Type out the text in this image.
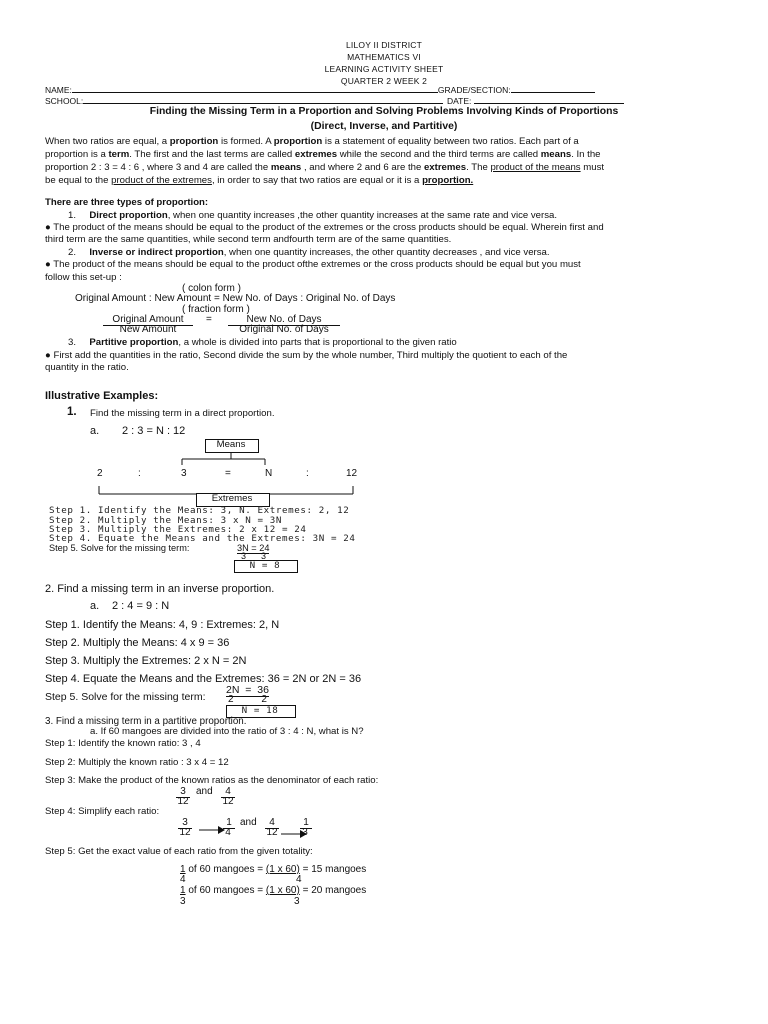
LILOY II DISTRICT
MATHEMATICS VI
LEARNING ACTIVITY SHEET
QUARTER 2 WEEK 2
NAME:	GRADE/SECTION:
SCHOOL:	DATE:
Finding the Missing Term in a Proportion and Solving Problems Involving Kinds of Proportions
(Direct, Inverse, and Partitive)
When two ratios are equal, a proportion is formed. A proportion is a statement of equality between two ratios. Each part of a
proportion is a term. The first and the last terms are called extremes while the second and the third terms are called means. In the
proportion 2 : 3 = 4 : 6 , where 3 and 4 are called the means , and where 2 and 6 are the extremes. The product of the means must
be equal to the product of the extremes, in order to say that two ratios are equal or it is a proportion.
There are three types of proportion:
1. Direct proportion, when one quantity increases ,the other quantity increases at the same rate and vice versa.
● The product of the means should be equal to the product of the extremes or the cross products should be equal. Wherein first and
third term are the same quantities, while second term andfourth term are of the same quantities.
2. Inverse or indirect proportion, when one quantity increases, the other quantity decreases , and vice versa.
● The product of the means should be equal to the product ofthe extremes or the cross products should be equal but you must
follow this set-up :
( colon form )
Original Amount : New Amount = New No. of Days : Original No. of Days
( fraction form )
Original Amount
New Amount
=	New No. of Days
Original No. of Days
3. Partitive proportion, a whole is divided into parts that is proportional to the given ratio
● First add the quantities in the ratio, Second divide the sum by the whole number, Third multiply the quotient to each of the
quantity in the ratio.
Illustrative Examples:
1. Find the missing term in a direct proportion.
a. 2 : 3 = N : 12
Means
2	:	3	=	N	:	12
Extremes
Step 1. Identify the Means: 3, N. Extremes: 2, 12
Step 2. Multiply the Means: 3 x N = 3N
Step 3. Multiply the Extremes: 2 x 12 = 24
Step 4. Equate the Means and the Extremes: 3N = 24
Step 5. Solve for the missing term:	3N = 24
3      3
N = 8
2. Find a missing term in an inverse proportion.
a. 2 : 4 = 9 : N
Step 1. Identify the Means: 4, 9 : Extremes: 2, N
Step 2. Multiply the Means: 4 x 9 = 36
Step 3. Multiply the Extremes: 2 x N = 2N
Step 4. Equate the Means and the Extremes: 36 = 2N or 2N = 36
Step 5. Solve for the missing term:
2N  =  36
2          2
N = 18
3. Find a missing term in a partitive proportion.
a. If 60 mangoes are divided into the ratio of 3 : 4 : N, what is N?
Step 1: Identify the known ratio: 3 , 4
Step 2: Multiply the known ratio : 3 x 4 = 12
Step 3: Make the product of the known ratios as the denominator of each ratio:
3
12
and	4
12
Step 4: Simplify each ratio:
3
12
1
4
and	4
12
1
3
Step 5: Get the exact value of each ratio from the given totality:
1 of 60 mangoes = (1 x 60) = 15 mangoes
4	4
1 of 60 mangoes = (1 x 60) = 20 mangoes
3	3
